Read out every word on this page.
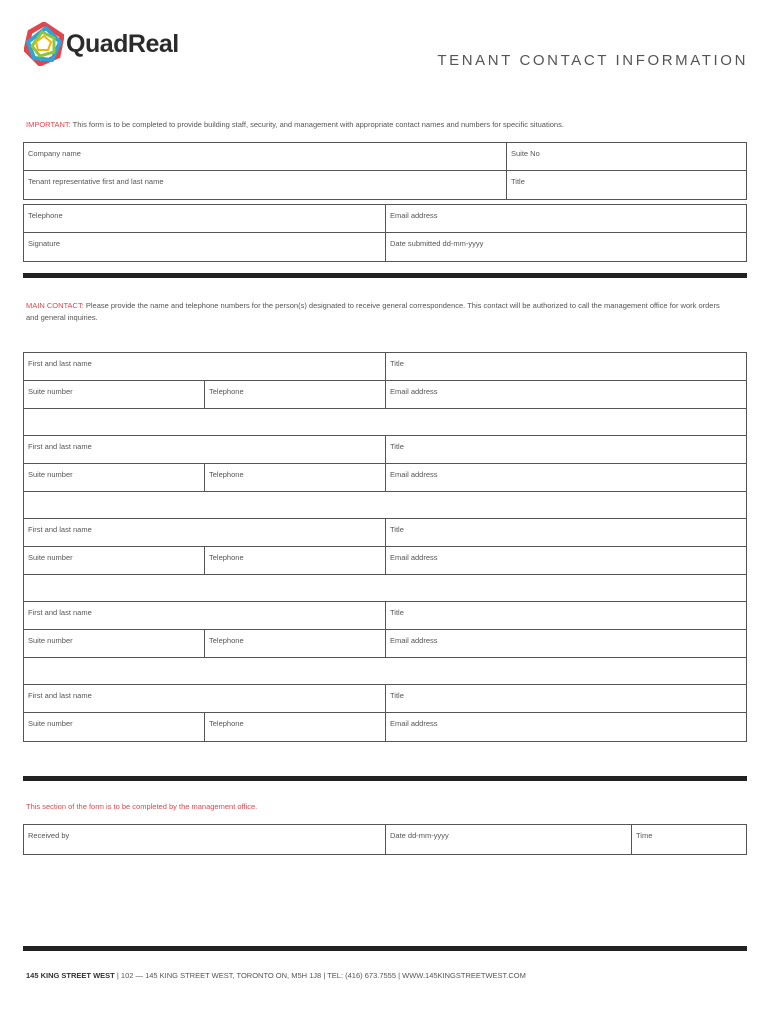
QuadReal
TENANT CONTACT INFORMATION
IMPORTANT: This form is to be completed to provide building staff, security, and management with appropriate contact names and numbers for specific situations.
Company name	Suite No
Tenant representative first and last name	Title
Telephone	Email address
Signature	Date submitted dd-mm-yyyy
MAIN CONTACT: Please provide the name and telephone numbers for the person(s) designated to receive general correspondence. This contact will be authorized to call the management office for work orders and general inquiries.
First and last name	Title
Suite number	Telephone	Email address
First and last name	Title
Suite number	Telephone	Email address
First and last name	Title
Suite number	Telephone	Email address
First and last name	Title
Suite number	Telephone	Email address
First and last name	Title
Suite number	Telephone	Email address
This section of the form is to be completed by the management office.
Received by	Date dd-mm-yyyy	Time
145 KING STREET WEST | 102 — 145 KING STREET WEST, TORONTO ON, M5H 1J8 | TEL: (416) 673.7555 | WWW.145KINGSTREETWEST.COM
